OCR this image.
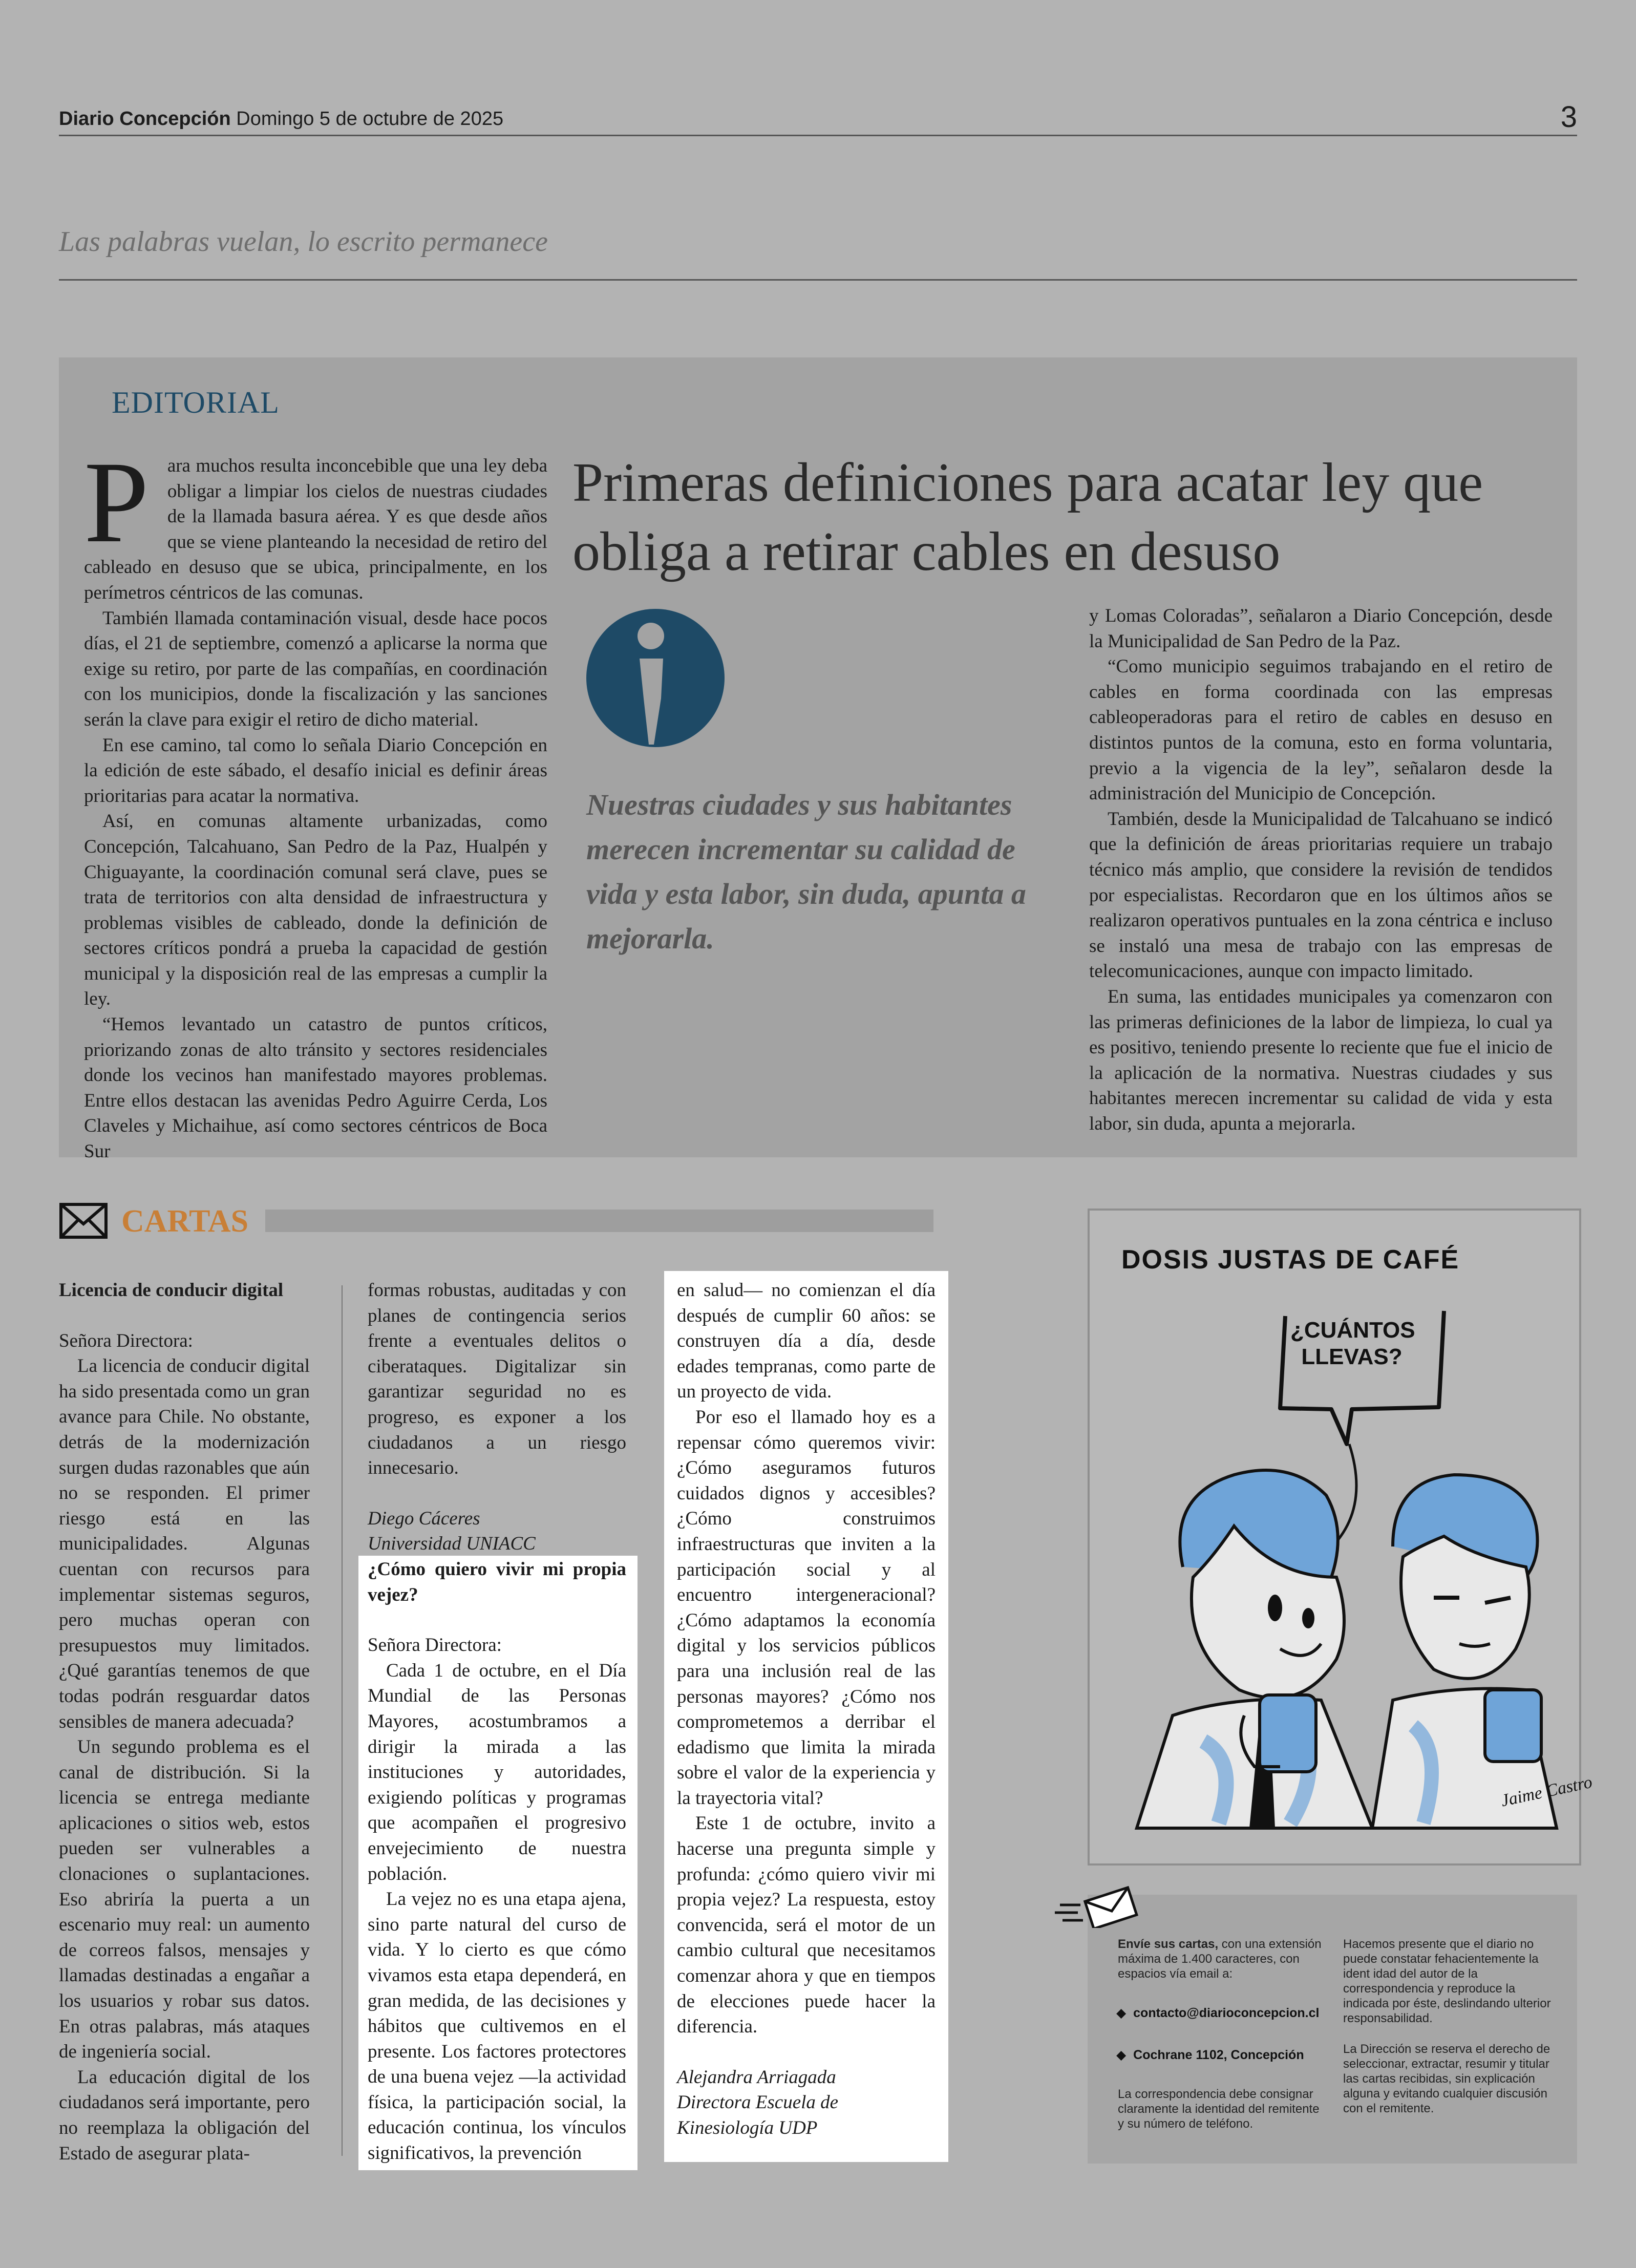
Diario Concepción Domingo 5 de octubre de 2025	3
Las palabras vuelan, lo escrito permanece
EDITORIAL
Primeras definiciones para acatar ley que obliga a retirar cables en desuso
P ara muchos resulta inconcebible que una ley deba obligar a limpiar los cielos de nuestras ciudades de la llamada basura aérea. Y es que desde años que se viene planteando la necesidad de retiro del cableado en desuso que se ubica, principalmente, en los perímetros céntricos de las comunas.

También llamada contaminación visual, desde hace pocos días, el 21 de septiembre, comenzó a aplicarse la norma que exige su retiro, por parte de las compañías, en coordinación con los municipios, donde la fiscalización y las sanciones serán la clave para exigir el retiro de dicho material.

En ese camino, tal como lo señala Diario Concepción en la edición de este sábado, el desafío inicial es definir áreas prioritarias para acatar la normativa.

Así, en comunas altamente urbanizadas, como Concepción, Talcahuano, San Pedro de la Paz, Hualpén y Chiguayante, la coordinación comunal será clave, pues se trata de territorios con alta densidad de infraestructura y problemas visibles de cableado, donde la definición de sectores críticos pondrá a prueba la capacidad de gestión municipal y la disposición real de las empresas a cumplir la ley.

“Hemos levantado un catastro de puntos críticos, priorizando zonas de alto tránsito y sectores residenciales donde los vecinos han manifestado mayores problemas. Entre ellos destacan las avenidas Pedro Aguirre Cerda, Los Claveles y Michaihue, así como sectores céntricos de Boca Sur

Nuestras ciudades y sus habitantes merecen incrementar su calidad de vida y esta labor, sin duda, apunta a mejorarla.

y Lomas Coloradas”, señalaron a Diario Concepción, desde la Municipalidad de San Pedro de la Paz.

“Como municipio seguimos trabajando en el retiro de cables en forma coordinada con las empresas cableoperadoras para el retiro de cables en desuso en distintos puntos de la comuna, esto en forma voluntaria, previo a la vigencia de la ley”, señalaron desde la administración del Municipio de Concepción.

También, desde la Municipalidad de Talcahuano se indicó que la definición de áreas prioritarias requiere un trabajo técnico más amplio, que considere la revisión de tendidos por especialistas. Recordaron que en los últimos años se realizaron operativos puntuales en la zona céntrica e incluso se instaló una mesa de trabajo con las empresas de telecomunicaciones, aunque con impacto limitado.

En suma, las entidades municipales ya comenzaron con las primeras definiciones de la labor de limpieza, lo cual ya es positivo, teniendo presente lo reciente que fue el inicio de la aplicación de la normativa. Nuestras ciudades y sus habitantes merecen incrementar su calidad de vida y esta labor, sin duda, apunta a mejorarla.

CARTAS

Licencia de conducir digital

Señora Directora:

La licencia de conducir digital ha sido presentada como un gran avance para Chile. No obstante, detrás de la modernización surgen dudas razonables que aún no se responden. El primer riesgo está en las municipalidades. Algunas cuentan con recursos para implementar sistemas seguros, pero muchas operan con presupuestos muy limitados. ¿Qué garantías tenemos de que todas podrán resguardar datos sensibles de manera adecuada?

Un segundo problema es el canal de distribución. Si la licencia se entrega mediante aplicaciones o sitios web, estos pueden ser vulnerables a clonaciones o suplantaciones. Eso abriría la puerta a un escenario muy real: un aumento de correos falsos, mensajes y llamadas destinadas a engañar a los usuarios y robar sus datos. En otras palabras, más ataques de ingeniería social.

La educación digital de los ciudadanos será importante, pero no reemplaza la obligación del Estado de asegurar plata-

formas robustas, auditadas y con planes de contingencia serios frente a eventuales delitos o ciberataques. Digitalizar sin garantizar seguridad no es progreso, es exponer a los ciudadanos a un riesgo innecesario.

Diego Cáceres

Universidad UNIACC

¿Cómo quiero vivir mi propia vejez?

Señora Directora:

Cada 1 de octubre, en el Día Mundial de las Personas Mayores, acostumbramos a dirigir la mirada a las instituciones y autoridades, exigiendo políticas y programas que acompañen el progresivo envejecimiento de nuestra población.

La vejez no es una etapa ajena, sino parte natural del curso de vida. Y lo cierto es que cómo vivamos esta etapa dependerá, en gran medida, de las decisiones y hábitos que cultivemos en el presente. Los factores protectores de una buena vejez —la actividad física, la participación social, la educación continua, los vínculos significativos, la prevención

en salud— no comienzan el día después de cumplir 60 años: se construyen día a día, desde edades tempranas, como parte de un proyecto de vida.

Por eso el llamado hoy es a repensar cómo queremos vivir: ¿Cómo aseguramos futuros cuidados dignos y accesibles? ¿Cómo construimos infraestructuras que inviten a la participación social y al encuentro intergeneracional? ¿Cómo adaptamos la economía digital y los servicios públicos para una inclusión real de las personas mayores? ¿Cómo nos comprometemos a derribar el edadismo que limita la mirada sobre el valor de la experiencia y la trayectoria vital?

Este 1 de octubre, invito a hacerse una pregunta simple y profunda: ¿cómo quiero vivir mi propia vejez? La respuesta, estoy convencida, será el motor de un cambio cultural que necesitamos comenzar ahora y que en tiempos de elecciones puede hacer la diferencia.

Alejandra Arriagada

Directora Escuela de

Kinesiología UDP

DOSIS JUSTAS DE CAFÉ
¿CUÁNTOS LLEVAS?
Jaime Castro
Envíe sus cartas, con una extensión máxima de 1.400 caracteres, con espacios vía email a:
◆ contacto@diarioconcepcion.cl
◆ Cochrane 1102, Concepción
La correspondencia debe consignar claramente la identidad del remitente y su número de teléfono.
Hacemos presente que el diario no puede constatar fehacientemente la ident idad del autor de la correspondencia y reproduce la indicada por éste, deslindando ulterior responsabilidad.
La Dirección se reserva el derecho de seleccionar, extractar, resumir y titular las cartas recibidas, sin explicación alguna y evitando cualquier discusión con el remitente.
